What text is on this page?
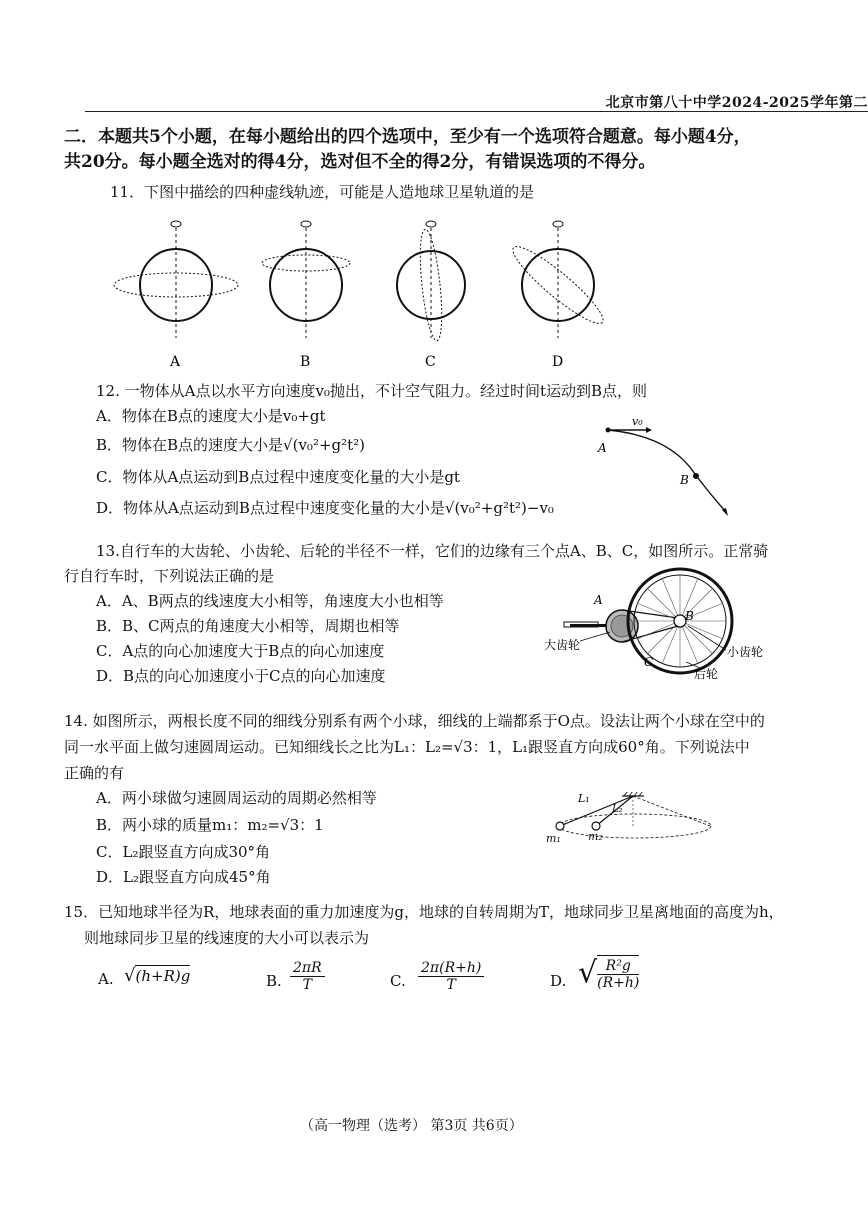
北京市第八十中学2024-2025学年第二
二．本题共5个小题，在每小题给出的四个选项中，至少有一个选项符合题意。每小题4分，
共20分。每小题全选对的得4分，选对但不全的得2分，有错误选项的不得分。
11．下图中描绘的四种虚线轨迹，可能是人造地球卫星轨道的是
A	B	C	D
12. 一物体从A点以水平方向速度v₀抛出，不计空气阻力。经过时间t运动到B点，则
A．物体在B点的速度大小是v₀+gt
B．物体在B点的速度大小是√(v₀²+g²t²)
C．物体从A点运动到B点过程中速度变化量的大小是gt
D．物体从A点运动到B点过程中速度变化量的大小是√(v₀²+g²t²)−v₀
v₀
A
B
13.自行车的大齿轮、小齿轮、后轮的半径不一样，它们的边缘有三个点A、B、C，如图所示。正常骑
行自行车时，下列说法正确的是
A．A、B两点的线速度大小相等，角速度大小也相等
B．B、C两点的角速度大小相等，周期也相等
C．A点的向心加速度大于B点的向心加速度
D．B点的向心加速度小于C点的向心加速度
A
B
C
大齿轮	小齿轮
后轮
14. 如图所示，两根长度不同的细线分别系有两个小球，细线的上端都系于O点。设法让两个小球在空中的
同一水平面上做匀速圆周运动。已知细线长之比为L₁：L₂=√3：1，L₁跟竖直方向成60°角。下列说法中
正确的有
A．两小球做匀速圆周运动的周期必然相等
B．两小球的质量m₁：m₂=√3：1
C．L₂跟竖直方向成30°角
D．L₂跟竖直方向成45°角
L₁
L₂
m₁ m₂
15．已知地球半径为R，地球表面的重力加速度为g，地球的自转周期为T，地球同步卫星离地面的高度为h，
则地球同步卫星的线速度的大小可以表示为
A. √(h+R)g	B. $\frac{2\pi R}{T}$	C. $\frac{2\pi(R+h)}{T}$	D. √ $\frac{\text{R²g}}{(R+h)}$
（高一物理（选考） 第3页 共6页）
